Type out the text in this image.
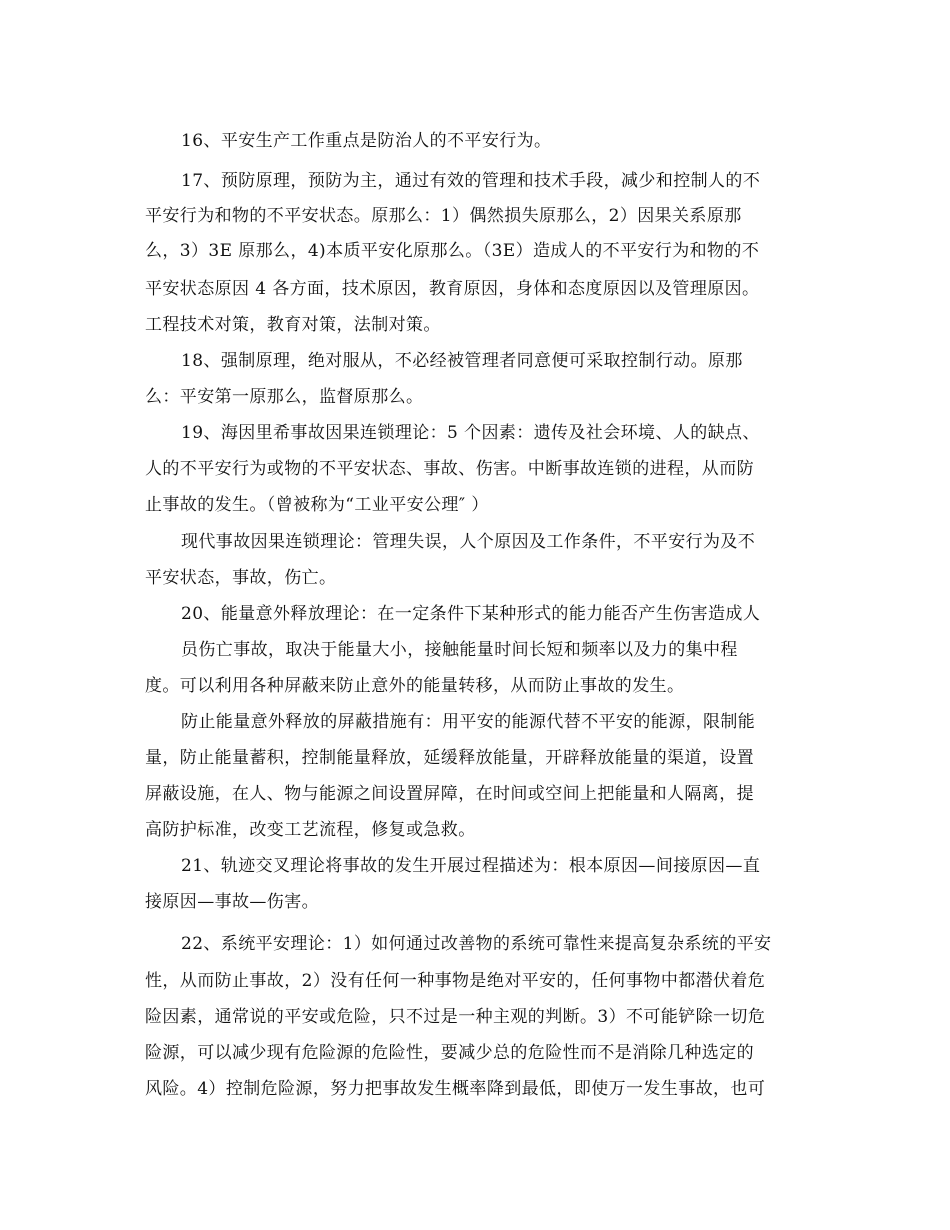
16、平安生产工作重点是防治人的不平安行为。
17、预防原理，预防为主，通过有效的管理和技术手段，减少和控制人的不
平安行为和物的不平安状态。原那么：1）偶然损失原那么，2）因果关系原那
么，3）3E 原那么，4)本质平安化原那么。（3E）造成人的不平安行为和物的不
平安状态原因 4 各方面，技术原因，教育原因，身体和态度原因以及管理原因。
工程技术对策，教育对策，法制对策。
18、强制原理，绝对服从，不必经被管理者同意便可采取控制行动。原那
么：平安第一原那么，监督原那么。
19、海因里希事故因果连锁理论：5 个因素：遗传及社会环境、人的缺点、
人的不平安行为或物的不平安状态、事故、伤害。中断事故连锁的进程，从而防
止事故的发生。（曾被称为“工业平安公理″ ）
现代事故因果连锁理论：管理失误，人个原因及工作条件，不平安行为及不
平安状态，事故，伤亡。
20、能量意外释放理论：在一定条件下某种形式的能力能否产生伤害造成人
员伤亡事故，取决于能量大小，接触能量时间长短和频率以及力的集中程
度。可以利用各种屏蔽来防止意外的能量转移，从而防止事故的发生。
防止能量意外释放的屏蔽措施有：用平安的能源代替不平安的能源，限制能
量，防止能量蓄积，控制能量释放，延缓释放能量，开辟释放能量的渠道，设置
屏蔽设施，在人、物与能源之间设置屏障，在时间或空间上把能量和人隔离，提
高防护标准，改变工艺流程，修复或急救。
21、轨迹交叉理论将事故的发生开展过程描述为：根本原因—间接原因—直
接原因—事故—伤害。
22、系统平安理论：1）如何通过改善物的系统可靠性来提高复杂系统的平安
性，从而防止事故，2）没有任何一种事物是绝对平安的，任何事物中都潜伏着危
险因素，通常说的平安或危险，只不过是一种主观的判断。3）不可能铲除一切危
险源，可以减少现有危险源的危险性，要减少总的危险性而不是消除几种选定的
风险。4）控制危险源，努力把事故发生概率降到最低，即使万一发生事故，也可
